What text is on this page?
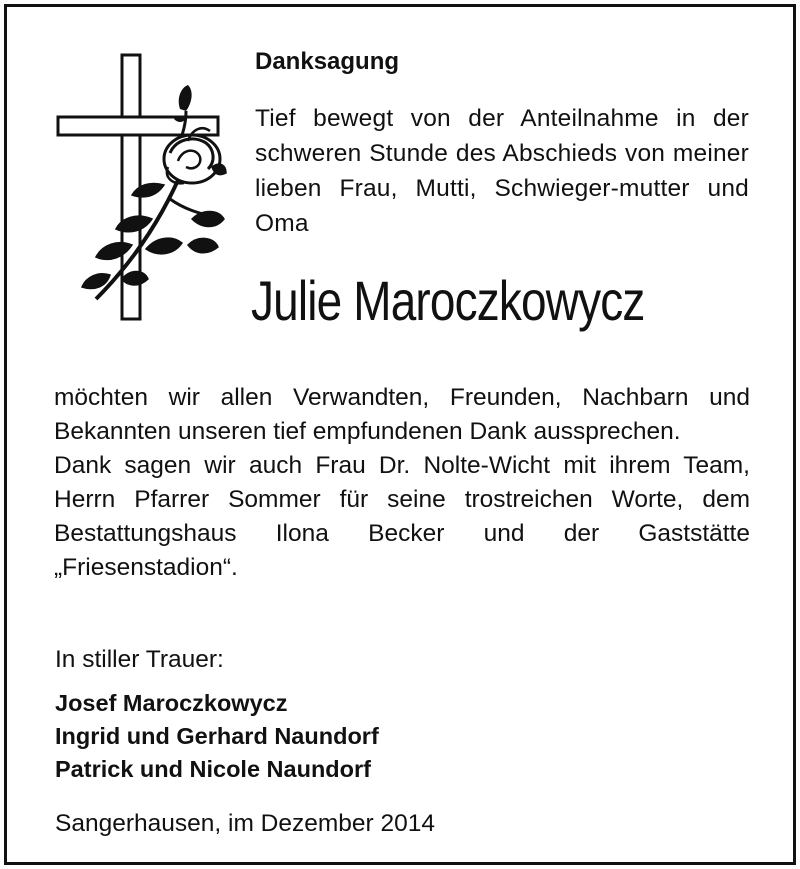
Danksagung

Tief bewegt von der Anteilnahme in der schweren Stunde des Abschieds von meiner lieben Frau, Mutti, Schwieger-mutter und Oma

Julie Maroczkowycz

möchten wir allen Verwandten, Freunden, Nachbarn und Bekannten unseren tief empfundenen Dank aussprechen.

Dank sagen wir auch Frau Dr. Nolte-Wicht mit ihrem Team, Herrn Pfarrer Sommer für seine trostreichen Worte, dem Bestattungshaus Ilona Becker und der Gaststätte „Friesenstadion“.

In stiller Trauer:

Josef Maroczkowycz
Ingrid und Gerhard Naundorf
Patrick und Nicole Naundorf

Sangerhausen, im Dezember 2014
